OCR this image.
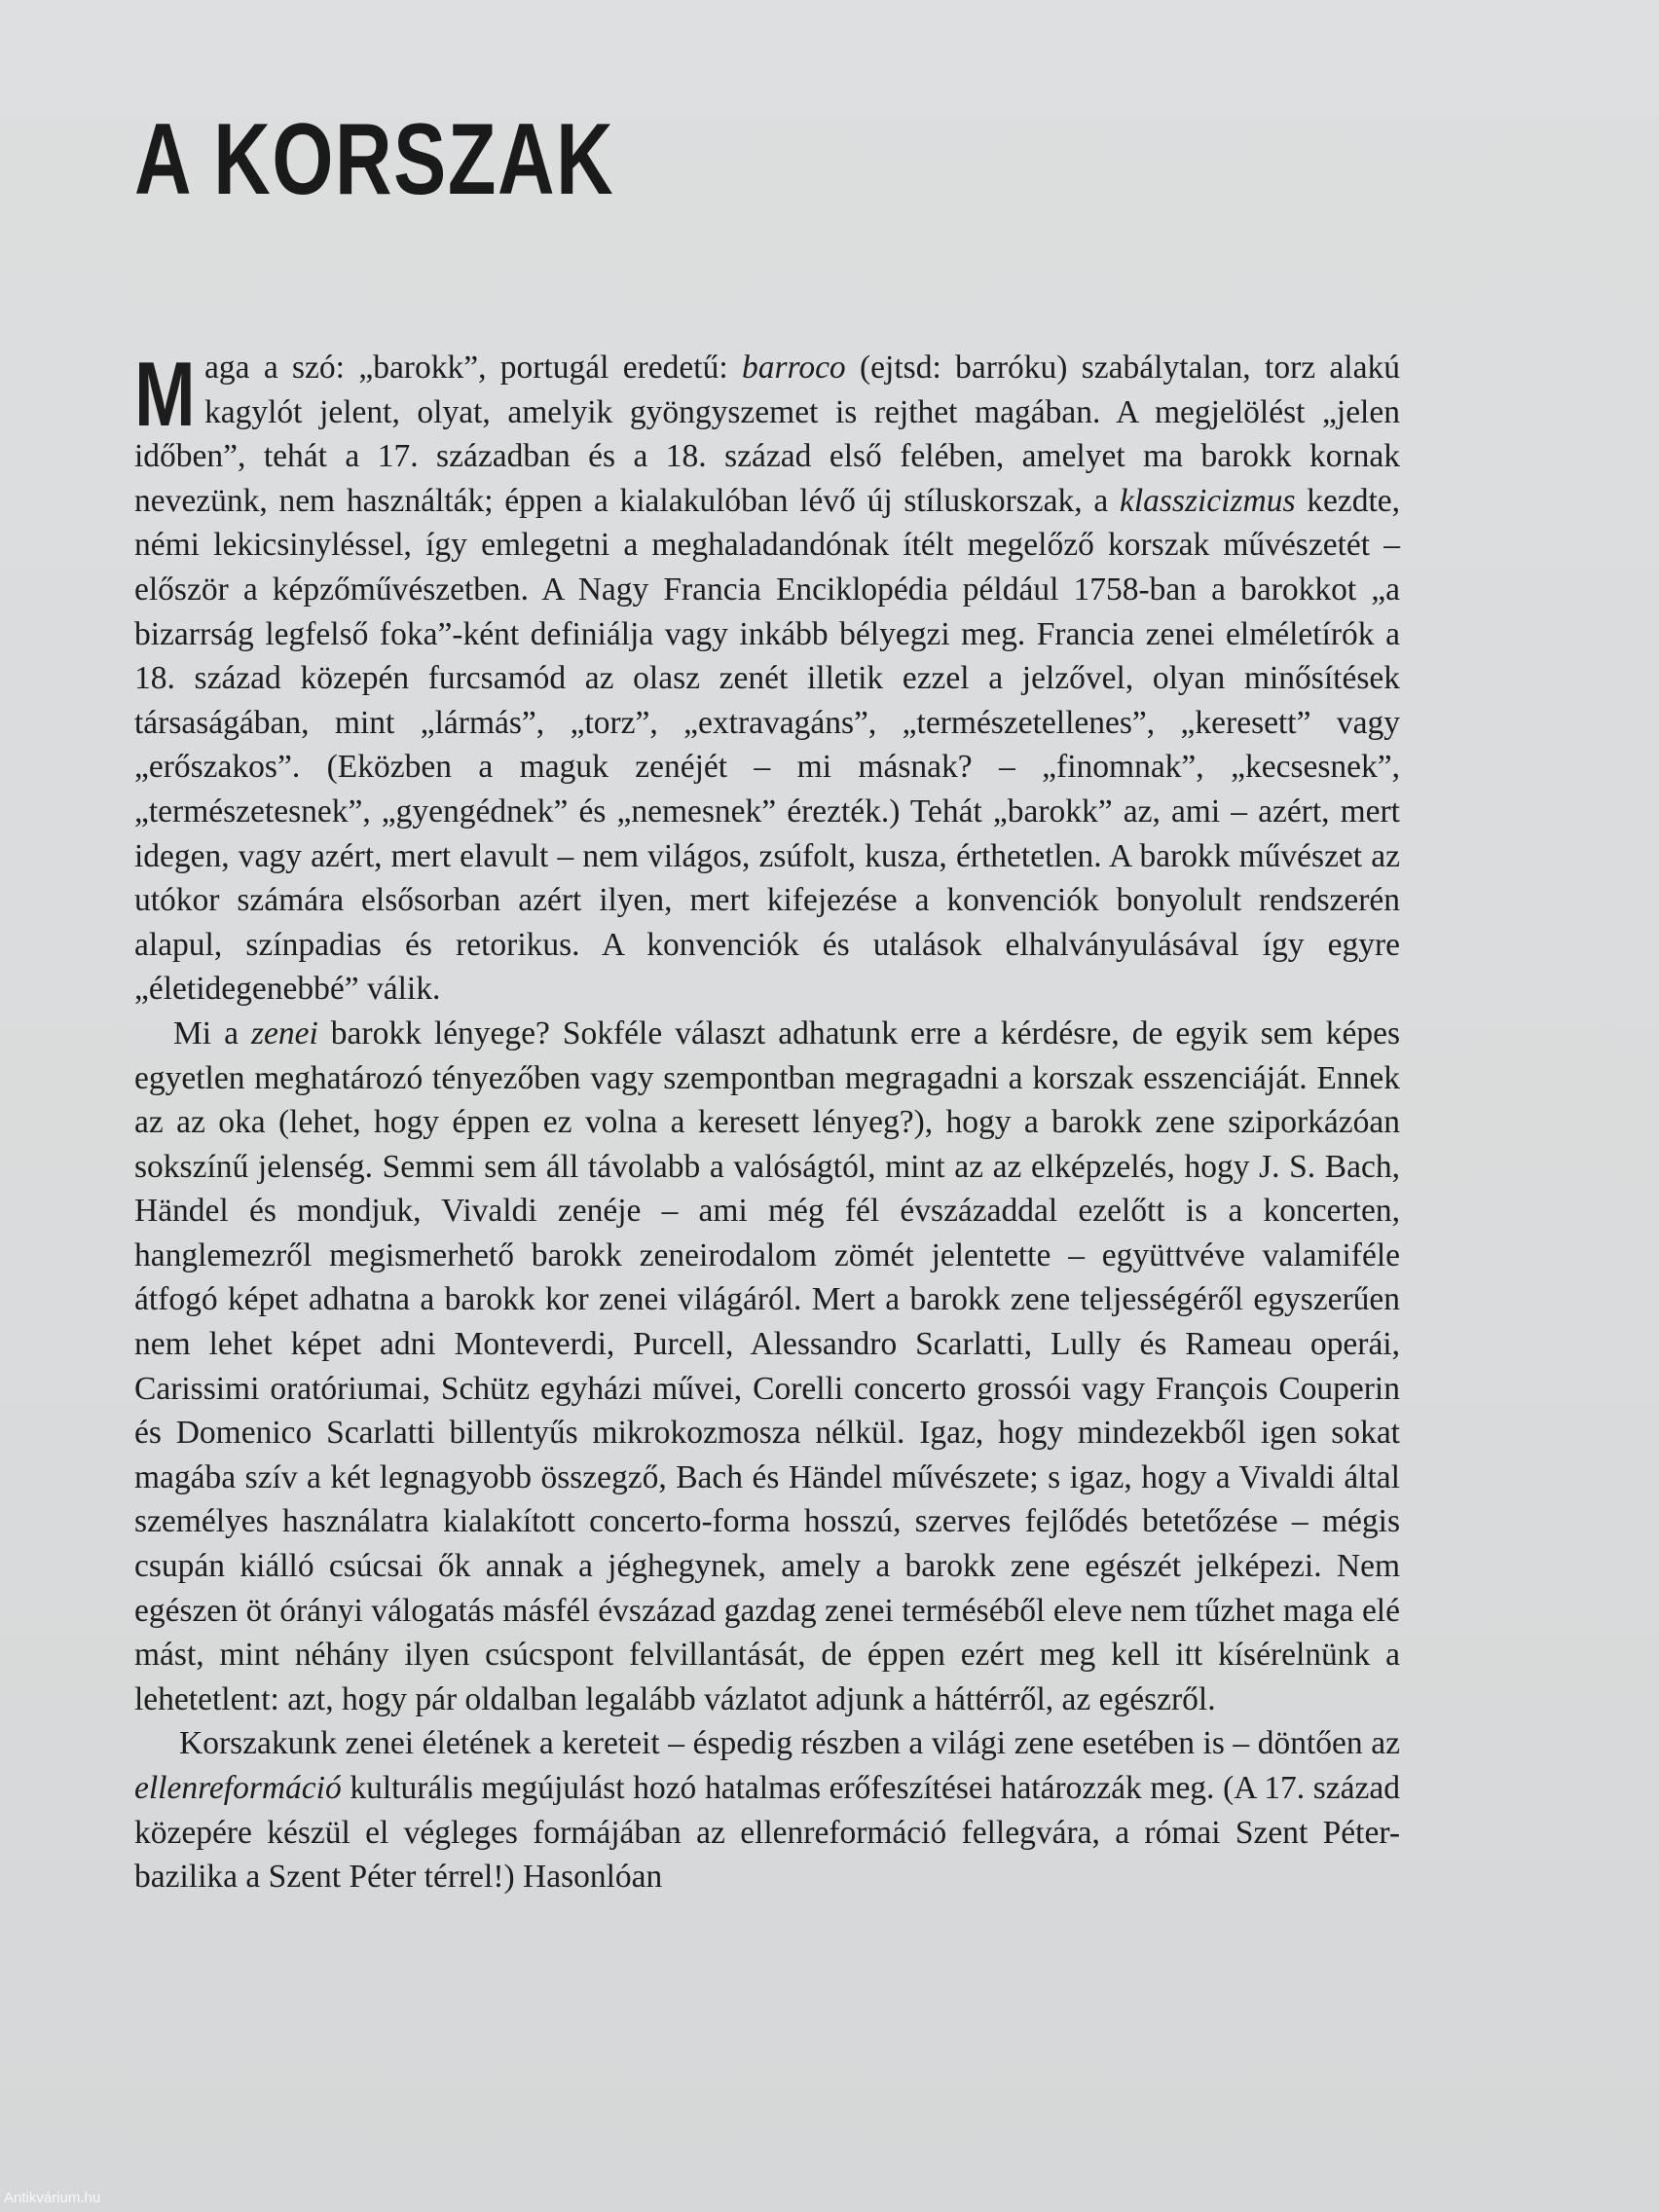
A KORSZAK

Maga a szó: „barokk”, portugál eredetű: barroco (ejtsd: barróku) szabálytalan, torz alakú kagylót jelent, olyat, amelyik gyöngyszemet is rejthet magában. A megjelölést „jelen időben”, tehát a 17. században és a 18. század első felében, amelyet ma barokk kornak nevezünk, nem használták; éppen a kialakulóban lévő új stíluskorszak, a klasszicizmus kezdte, némi lekicsinyléssel, így emlegetni a meghaladandónak ítélt megelőző korszak művészetét – először a képzőművészetben. A Nagy Francia Enciklopédia például 1758-ban a barokkot „a bizarrság legfelső foka”-ként definiálja vagy inkább bélyegzi meg. Francia zenei elméletírók a 18. század közepén furcsamód az olasz zenét illetik ezzel a jelzővel, olyan minősítések társaságában, mint „lármás”, „torz”, „extravagáns”, „természetellenes”, „keresett” vagy „erőszakos”. (Eközben a maguk zenéjét – mi másnak? – „finomnak”, „kecsesnek”, „természetesnek”, „gyengédnek” és „nemesnek” érezték.) Tehát „barokk” az, ami – azért, mert idegen, vagy azért, mert elavult – nem világos, zsúfolt, kusza, érthetetlen. A barokk művészet az utókor számára elsősorban azért ilyen, mert kifejezése a konvenciók bonyolult rendszerén alapul, színpadias és retorikus. A konvenciók és utalások elhalványulásával így egyre „életidegenebbé” válik.

Mi a zenei barokk lényege? Sokféle választ adhatunk erre a kérdésre, de egyik sem képes egyetlen meghatározó tényezőben vagy szempontban megragadni a korszak esszenciáját. Ennek az az oka (lehet, hogy éppen ez volna a keresett lényeg?), hogy a barokk zene sziporkázóan sokszínű jelenség. Semmi sem áll távolabb a valóságtól, mint az az elképzelés, hogy J. S. Bach, Händel és mondjuk, Vivaldi zenéje – ami még fél évszázaddal ezelőtt is a koncerten, hanglemezről megismerhető barokk zeneirodalom zömét jelentette – együttvéve valamiféle átfogó képet adhatna a barokk kor zenei világáról. Mert a barokk zene teljességéről egyszerűen nem lehet képet adni Monteverdi, Purcell, Alessandro Scarlatti, Lully és Rameau operái, Carissimi oratóriumai, Schütz egyházi művei, Corelli concerto grossói vagy François Couperin és Domenico Scarlatti billentyűs mikrokozmosza nélkül. Igaz, hogy mindezekből igen sokat magába szív a két legnagyobb összegző, Bach és Händel művészete; s igaz, hogy a Vivaldi által személyes használatra kialakított concerto-forma hosszú, szerves fejlődés betetőzése – mégis csupán kiálló csúcsai ők annak a jéghegynek, amely a barokk zene egészét jelképezi. Nem egészen öt órányi válogatás másfél évszázad gazdag zenei terméséből eleve nem tűzhet maga elé mást, mint néhány ilyen csúcspont felvillantását, de éppen ezért meg kell itt kísérelnünk a lehetetlent: azt, hogy pár oldalban legalább vázlatot adjunk a háttérről, az egészről.

Korszakunk zenei életének a kereteit – éspedig részben a világi zene esetében is – döntően az ellenreformáció kulturális megújulást hozó hatalmas erőfeszítései határozzák meg. (A 17. század közepére készül el végleges formájában az ellenreformáció fellegvára, a római Szent Péter-bazilika a Szent Péter térrel!) Hasonlóan

Antikvárium.hu
